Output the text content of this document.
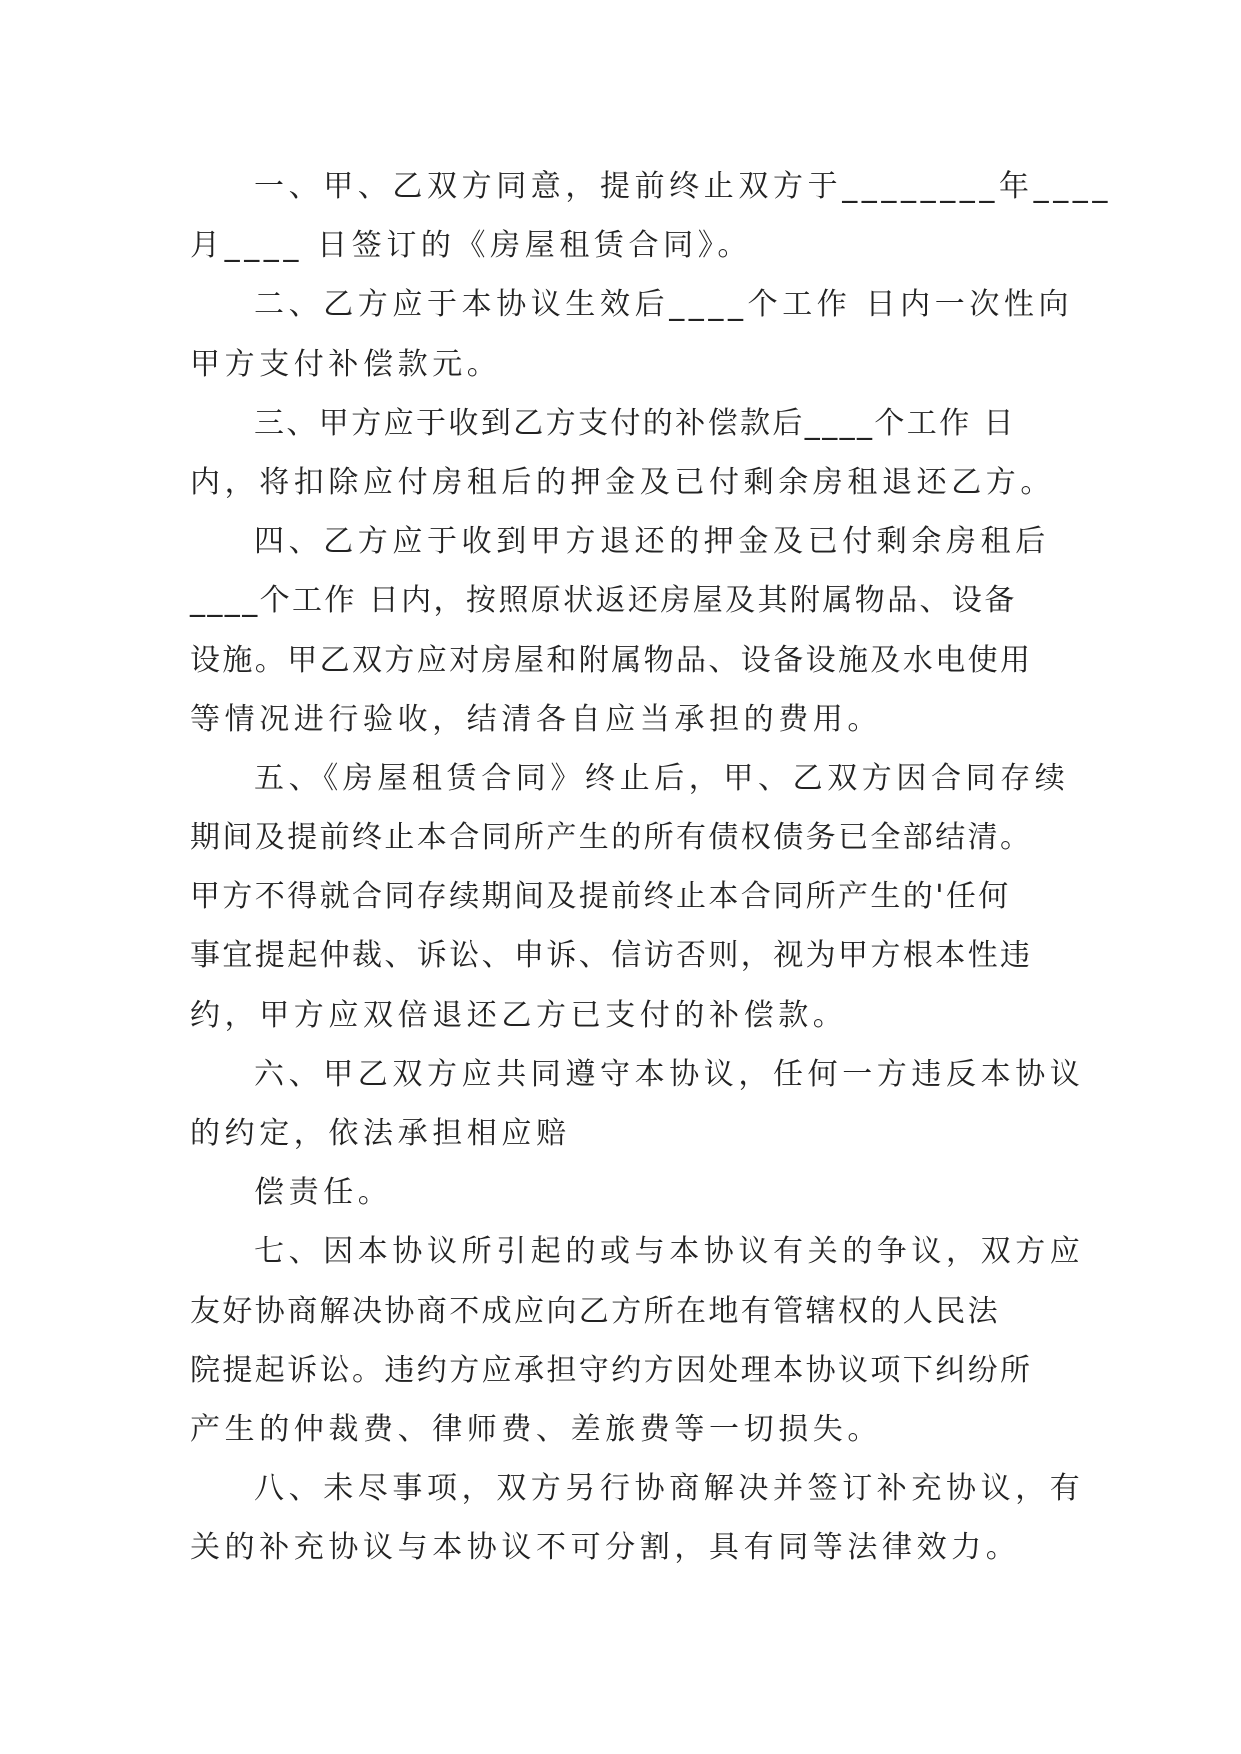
一、甲、乙双方同意，提前终止双方于________年____
月____ 日签订的《房屋租赁合同》。
二、乙方应于本协议生效后____个工作 日内一次性向
甲方支付补偿款元。
三、甲方应于收到乙方支付的补偿款后____个工作 日
内，将扣除应付房租后的押金及已付剩余房租退还乙方。
四、乙方应于收到甲方退还的押金及已付剩余房租后
____个工作 日内，按照原状返还房屋及其附属物品、设备
设施。甲乙双方应对房屋和附属物品、设备设施及水电使用
等情况进行验收，结清各自应当承担的费用。
五、《房屋租赁合同》终止后，甲、乙双方因合同存续
期间及提前终止本合同所产生的所有债权债务已全部结清。
甲方不得就合同存续期间及提前终止本合同所产生的'任何
事宜提起仲裁、诉讼、申诉、信访否则，视为甲方根本性违
约，甲方应双倍退还乙方已支付的补偿款。
六、甲乙双方应共同遵守本协议，任何一方违反本协议
的约定，依法承担相应赔
偿责任。
七、因本协议所引起的或与本协议有关的争议，双方应
友好协商解决协商不成应向乙方所在地有管辖权的人民法
院提起诉讼。违约方应承担守约方因处理本协议项下纠纷所
产生的仲裁费、律师费、差旅费等一切损失。
八、未尽事项，双方另行协商解决并签订补充协议，有
关的补充协议与本协议不可分割，具有同等法律效力。
